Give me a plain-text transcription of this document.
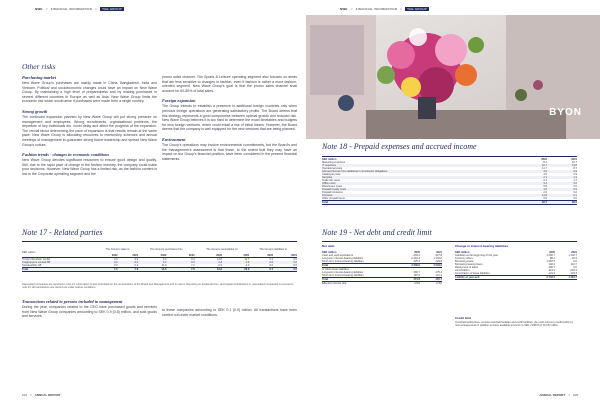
NWE // FINANCIAL INFORMATION //	THE GROUP	NWE // FINANCIAL INFORMATION //	THE GROUP
Other risks
Purchasing market
New Wave Group's purchases are mainly made in China, Bangladesh, India and Vietnam. Political and socioeconomic changes could have an impact on New Wave Group. By maintaining a high level of preparedness and by making purchases in several different countries in Europe as well as Asia, New Wave Group limits the economic risk which would arise if purchases were made from a single country.
Strong growth
The continued expansion planned by New Wave Group will put strong pressure on management and employees. Wrong recruitments, organisational problems, the departure of key individuals etc. could delay and affect the progress of the expansion. The crucial factor determining the pace of expansion is that results remain at the same pace. New Wave Group is allocating resources to mentorship schemes and annual meetings of management to guarantee strong future leadership and spread New Wave Group's culture.
Fashion trends - changes in economic conditions
New Wave Group devotes significant resources to ensure good design and quality. Still, due to the rapid pace of change in the fashion industry, the company could make poor decisions. However, New Wave Group has a limited risk, as the fashion content is low in the Corporate operating segment and the
promo sales channel. The Sports & Leisure operating segment also focuses on areas that are less sensitive to changes in fashion, even if fashion is rather a more fashion-oriented segment. New Wave Group's goal is that the promo sales channel shall account for 60-80% of total sales.
Foreign expansion
The Group intends to establish a presence in additional foreign countries only when previous foreign operations are generating satisfactory profits. The Board deems that this strategy represents a good compromise between optimal growth and reduced risk. New Wave Group believes it is too hard to determine the exact timetables and budgets for new foreign ventures, which could entail a risk of initial losses. However, the Board deems that the company is well equipped for the new ventures that are being planned.
Environment
The Group's operations may involve environmental commitments, but the Board's and the management's assessment is that these, to the extent that they may have an impact on the Group's financial position, have been considered in the present financial statements.
Note 17 - Related parties
SEK million	The Group's sales to		The Group's purchases from		The Group's receivables on		The Group's liabilities to	
	2022	2021	2022	2021	2022	2021	2022	2021
Torsten Wendelin GmbH	4.9	4.9	0.2	0.4	13.8	11.7	0.1	0.0
Craghoppers Limited AB	0.0	0.0	0.4	0.0	0.8	0.9	0.0	0.0
Sustainability AB	0.0	0.0	11.0	7.2	0.0	0.0	0.0	0.5
Total	7.5	7.9	14.5	7.6	13.8	20.9	0.7	0.5
Associated companies are reported in note 13. Information is also submitted on the remuneration of the Board and Management and in note 6. Reporting on dividends from, and capital contributions to, associated companies is covered in note 13. All transactions are carried out under market conditions.
Transactions related to persons included in management
During the year, companies related to the CEO have purchased goods and services from New Wave Group companies amounting to SEK 0.9 (0.8) million, and sold goods and services
to these companies amounting to SEK 0.1 (0.0) million. All transactions have been carried out under market conditions.
BYON
Note 18 - Prepaid expenses and accrued income
SEK million	2022	2021
Marketing expenses	8.1	10.7
IT expenses	16.7	13.8
Operational costs	11.7	8.7
Accrued income from additional / commission obligations	3.6	2.9
Catalogue costs	4.0	2.9
Samples	2.1	1.3
Trade fair costs	2.4	1.7
Office costs	3.4	3.2
Warehouse costs	5.9	3.0
Prepaid royalty costs	1.6	0.9
Prepaid insurance	4.3	3.2
Incentive	11.8	6.1
Other prepaid items	9.6	6.0
Total	93.7	66.5
Note 19 - Net debt and credit limit
Net debt
SEK million	2022	2021
Cash and cash equivalents	-403.4	-327.8
Long-term interest-bearing liabilities	2 419.4	1 144.0
Short-term interest-bearing liabilities	325.4	229.8
Total	2 339.6	1 044.0
of which lease liabilities		
Long-term interest-bearing liabilities	286.7	275.4
Short-term interest-bearing liabilities	187.5	121.3
Total	474.2	476.7
Effective interest rate	4.6%	2.3%
Change in interest-bearing liabilities
SEK million	2022	2021
Liabilities at the beginning of the year	1 066.7	1 142.7
Currency effect	86.1	42.3
Borrowing loans	1 587.5	0.0
Borrowing leasing loans	132.4	112.7
Repayment of loans	-190.7	0.0
Amortization	-113.4	-294.4
Amortization of lease liabilities	-124.3	-104.4
Liability at year-end	2 743.1	1 384.7
Credit limit
Overdraft facility lines, unused overdraft facilities and credit facilities, the multi-currency credit facility by new arrangements in addition to those available amounts to SEK 2 838.8 (2 713.8) million.
104 // ANNUAL REPORT	ANNUAL REPORT // 105
